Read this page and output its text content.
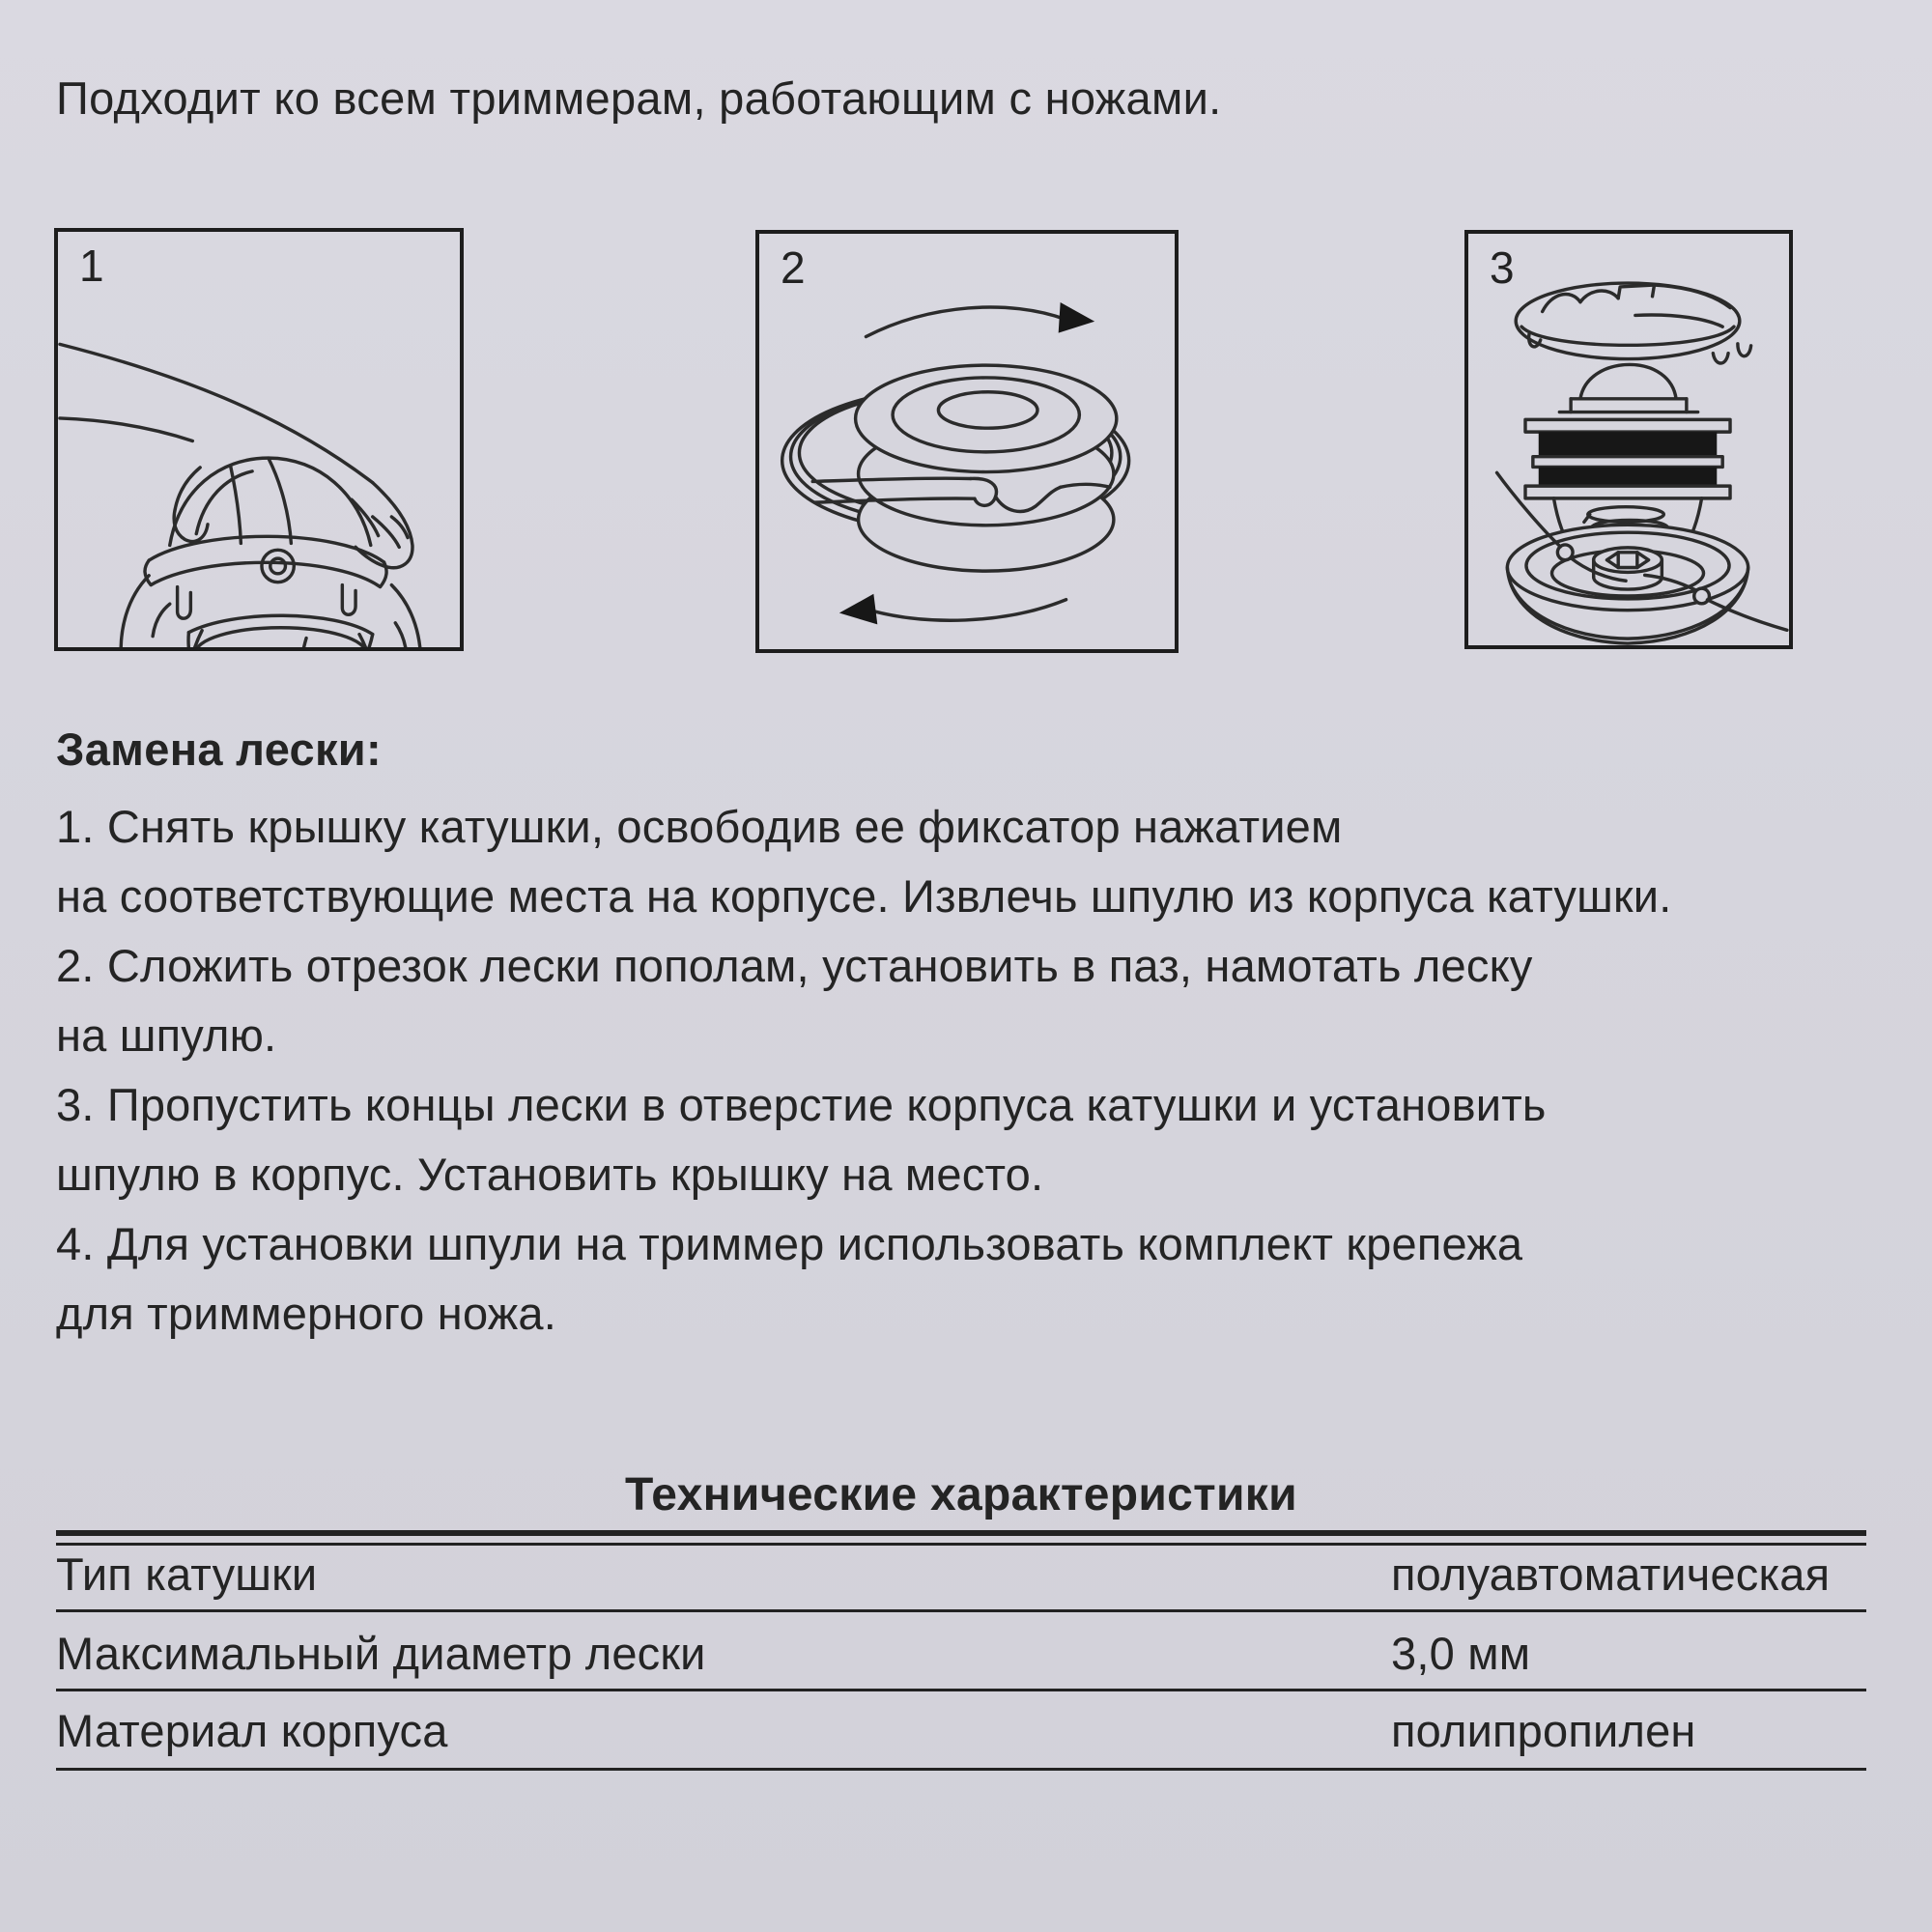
Подходит ко всем триммерам, работающим с ножами.
1	2	3
Замена лески:
1. Снять крышку катушки, освободив ее фиксатор нажатием
на соответствующие места на корпусе. Извлечь шпулю из корпуса катушки.
2. Сложить отрезок лески пополам, установить в паз, намотать леску
на шпулю.
3. Пропустить концы лески в отверстие корпуса катушки и установить
шпулю в корпус. Установить крышку на место.
4. Для установки шпули на триммер использовать комплект крепежа
для триммерного ножа.
Технические характеристики
Тип катушки	полуавтоматическая
Максимальный диаметр лески	3,0 мм
Материал корпуса	полипропилен
